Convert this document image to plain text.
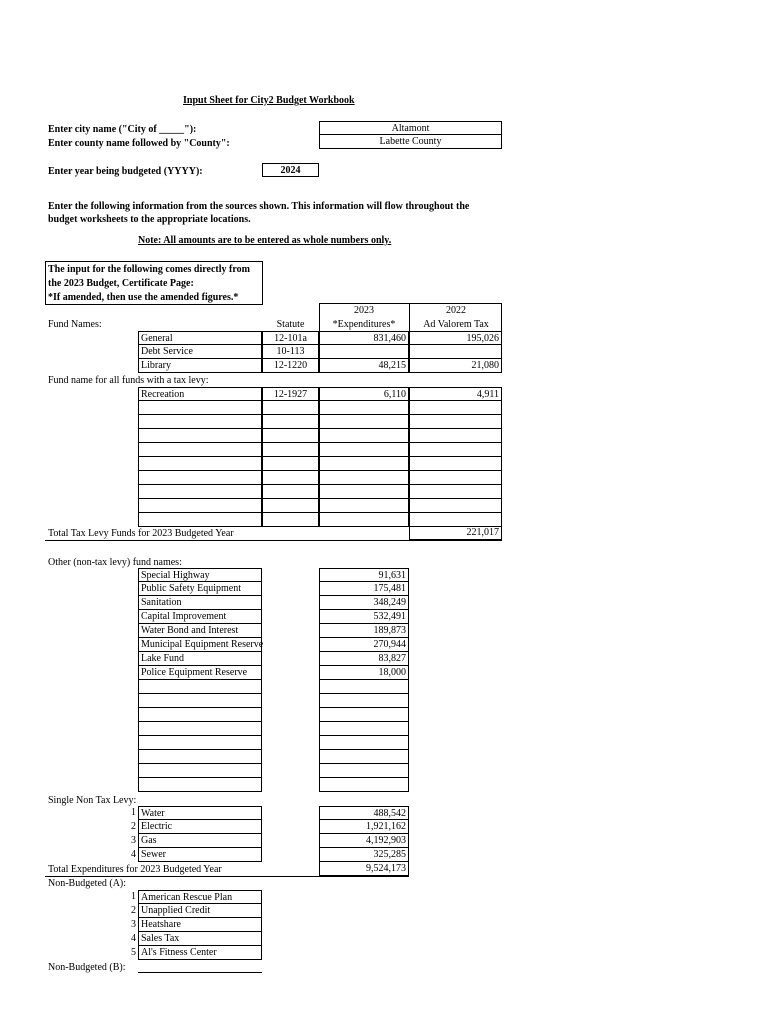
Input Sheet for City2 Budget Workbook
Enter city name ("City of _____"):
Enter county name followed by "County":
Altamont
Labette County
Enter year being budgeted (YYYY):	2024
Enter the following information from the sources shown. This information will flow throughout the
budget worksheets to the appropriate locations.
Note: All amounts are to be entered as whole numbers only.
The input for the following comes directly from
the 2023 Budget, Certificate Page:
*If amended, then use the amended figures.*
2023
*Expenditures*
2022
Ad Valorem Tax
Fund Names:	Statute
General	12-101a	831,460	195,026
Debt Service	10-113
Library	12-1220	48,215	21,080
Fund name for all funds with a tax levy:
Recreation	12-1927	6,110	4,911
Total Tax Levy Funds for 2023 Budgeted Year	221,017
Other (non-tax levy) fund names:
Special Highway	91,631
Public Safety Equipment	175,481
Sanitation	348,249
Capital Improvement	532,491
Water Bond and Interest	189,873
Municipal Equipment Reserve	270,944
Lake Fund	83,827
Police Equipment Reserve	18,000
Single Non Tax Levy:
1 Water	488,542
2 Electric	1,921,162
3 Gas	4,192,903
4 Sewer	325,285
Total Expenditures for 2023 Budgeted Year	9,524,173
Non-Budgeted (A):
1 American Rescue Plan
2 Unapplied Credit
3 Heatshare
4 Sales Tax
5 Al's Fitness Center
Non-Budgeted (B):
